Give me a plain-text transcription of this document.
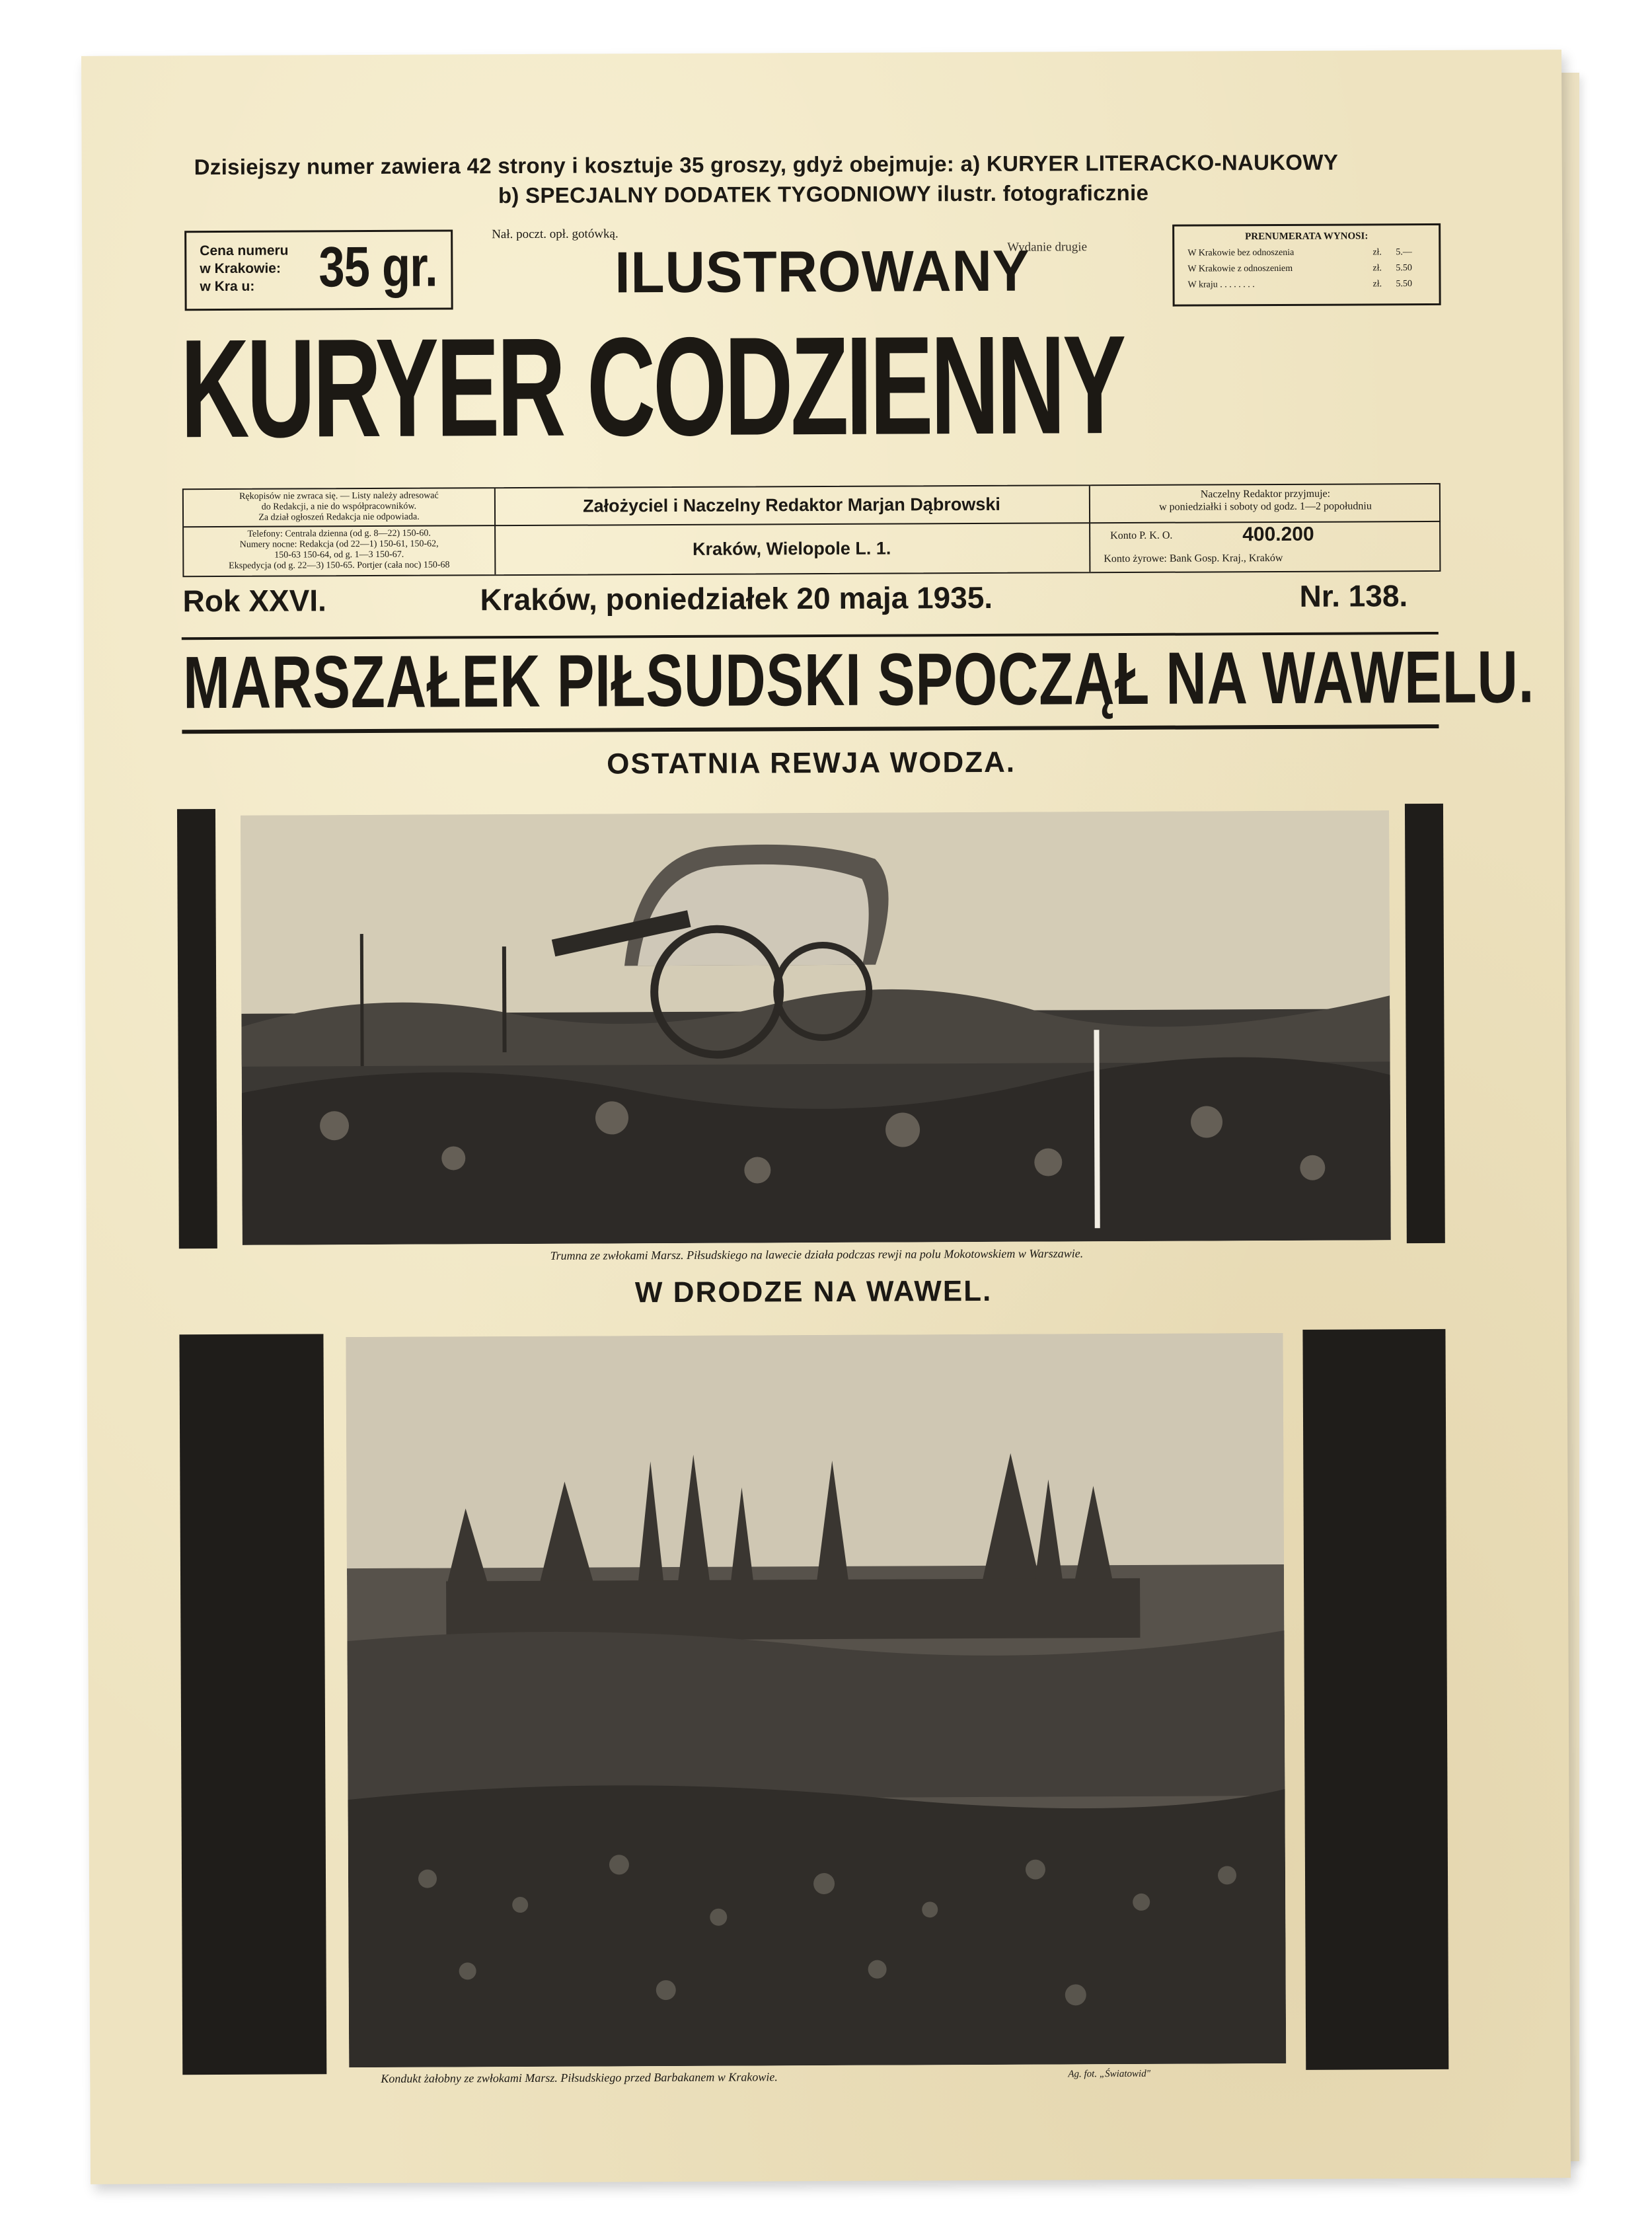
Dzisiejszy numer zawiera 42 strony i kosztuje 35 groszy, gdyż obejmuje: a) KURYER LITERACKO-NAUKOWY
b) SPECJALNY DODATEK TYGODNIOWY ilustr. fotograficznie
Cena numeru
w Krakowie:
w Kra u:	35 gr.
Nał. poczt. opł. gotówką.
Wydanie drugie
PRENUMERATA WYNOSI:
W Krakowie bez odnoszenia	zł. 5.—
W Krakowie z odnoszeniem	zł. 5.50
W kraju . . . . . . . .	zł. 5.50
ILUSTROWANY
KURYER CODZIENNY
Rękopisów nie zwraca się. — Listy należy adresować
do Redakcji, a nie do współpracowników.
Za dział ogłoszeń Redakcja nie odpowiada.
Telefony: Centrala dzienna (od g. 8—22) 150-60.
Numery nocne: Redakcja (od 22—1) 150-61, 150-62,
150-63 150-64, od g. 1—3 150-67.
Ekspedycja (od g. 22—3) 150-65. Portjer (cała noc) 150-68
Założyciel i Naczelny Redaktor Marjan Dąbrowski
Kraków, Wielopole L. 1.
Naczelny Redaktor przyjmuje:
w poniedziałki i soboty od godz. 1—2 popołudniu
Konto P. K. O.	400.200
Konto żyrowe: Bank Gosp. Kraj., Kraków
Rok XXVI.	Kraków, poniedziałek 20 maja 1935.	Nr. 138.
MARSZAŁEK PIŁSUDSKI SPOCZĄŁ NA WAWELU.
OSTATNIA REWJA WODZA.
Trumna ze zwłokami Marsz. Piłsudskiego na lawecie działa podczas rewji na polu Mokotowskiem w Warszawie.
W DRODZE NA WAWEL.
Kondukt żałobny ze zwłokami Marsz. Piłsudskiego przed Barbakanem w Krakowie.	Ag. fot. „Światowid"
